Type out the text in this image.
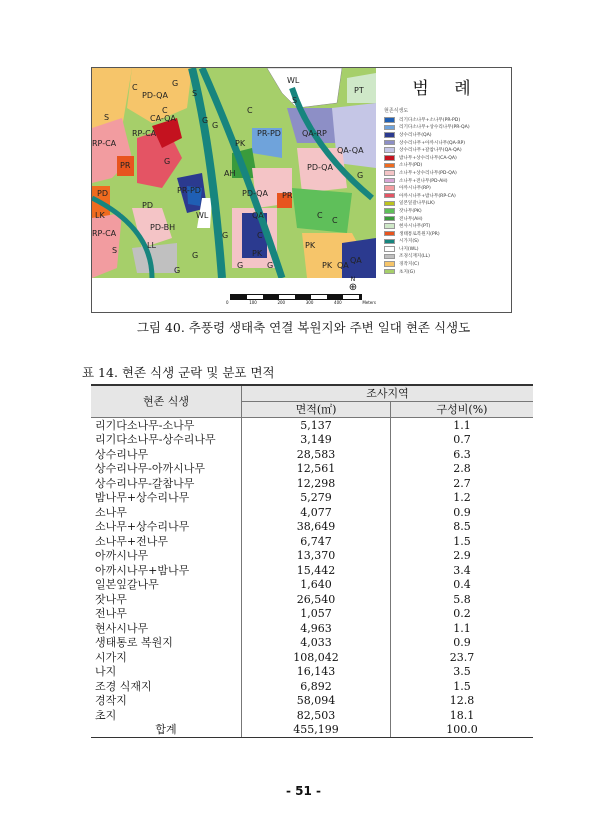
C
PD-QA
G
S
WL
S
PT
C
S	CA-QA
RP-CA
RP-CA
PR	G
G
C
PR-PD	QA-RP
QA-QA
PK
AH
PD-QA
PD-QA
G
C
PR-PD
PR
PD
LK
RP-CA
PD
PD-BH
WL
S
LL
G
QA	C
PK
C
PK
G
QA
G
G
G
G
PK QA
0	100	200	300	400	Meters
N
⊕
범 례
현존식생도
리기다소나무+소나무(PR-PD)
리기다소나무+상수리나무(PR-QA)
상수리나무(QA)
상수리나무+아까시나무(QA-RP)
상수리나무+갈참나무(QA-QA)
밤나무+상수리나무(CA-QA)
소나무(PD)
소나무+상수리나무(PD-QA)
소나무+전나무(PD-AH)
아까시나무(RP)
아까시나무+밤나무(RP-CA)
일본잎갈나무(LK)
잣나무(PK)
전나무(AH)
현사시나무(PT)
생태통로복원지(PR)
시가지(S)
나지(WL)
조경식재지(LL)
경작지(C)
초지(G)
그림 40. 추풍령 생태축 연결 복원지와 주변 일대 현존 식생도
표 14. 현존 식생 군락 및 분포 면적
현존 식생	조사지역	
	면적(㎡)	구성비(%)
리기다소나무-소나무	5,137	1.1
리기다소나무-상수리나무	3,149	0.7
상수리나무	28,583	6.3
상수리나무-아까시나무	12,561	2.8
상수리나무-갈참나무	12,298	2.7
밤나무+상수리나무	5,279	1.2
소나무	4,077	0.9
소나무+상수리나무	38,649	8.5
소나무+전나무	6,747	1.5
아까시나무	13,370	2.9
아까시나무+밤나무	15,442	3.4
일본잎갈나무	1,640	0.4
잣나무	26,540	5.8
전나무	1,057	0.2
현사시나무	4,963	1.1
생태통로 복원지	4,033	0.9
시가지	108,042	23.7
나지	16,143	3.5
조경 식재지	6,892	1.5
경작지	58,094	12.8
초지	82,503	18.1
합계	455,199	100.0
- 51 -
